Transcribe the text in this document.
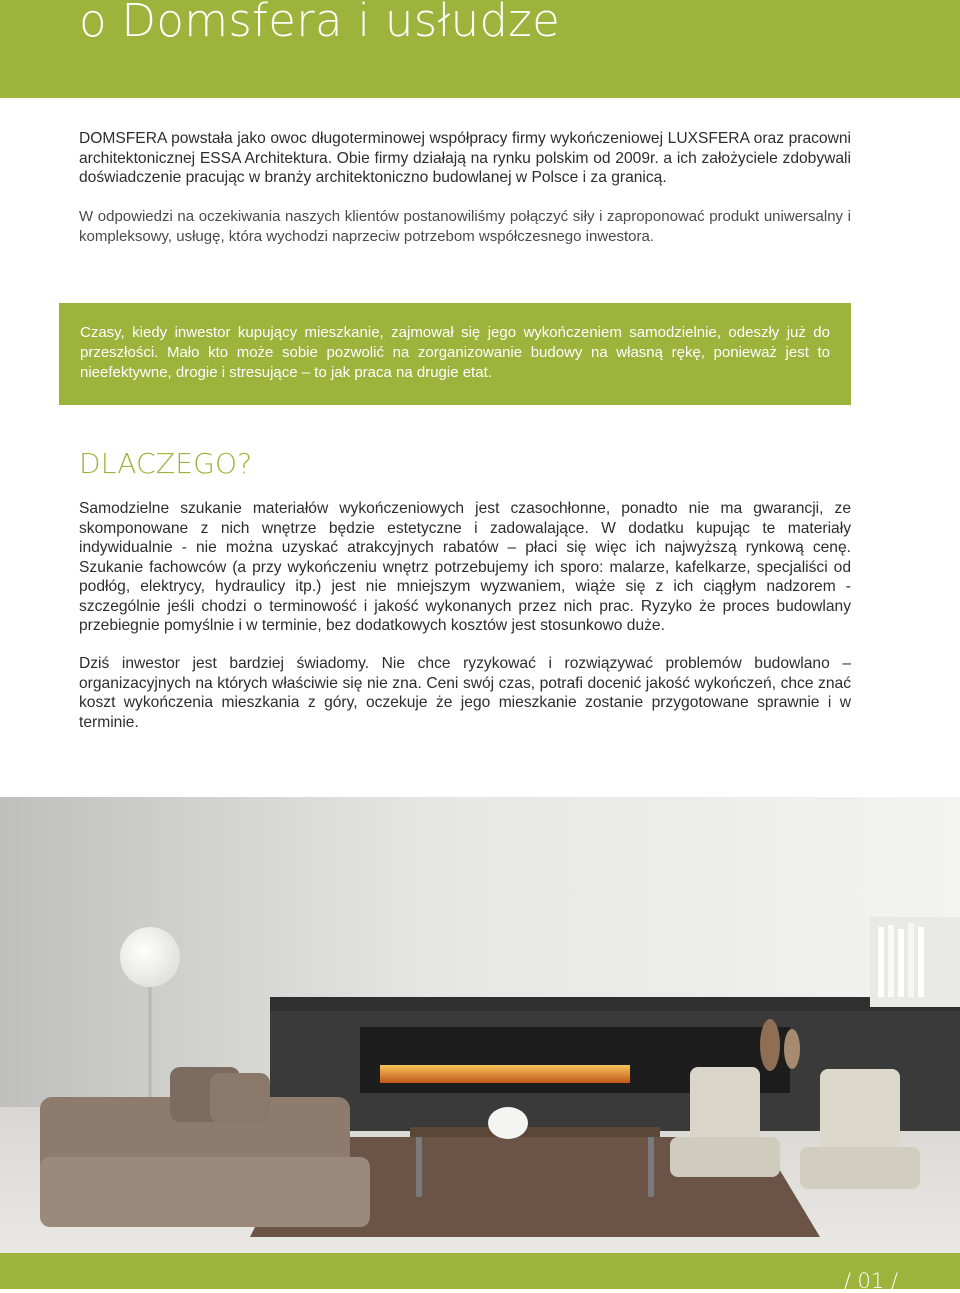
o Domsfera i usłudze

DOMSFERA powstała jako owoc długoterminowej współpracy firmy wykończeniowej LUXSFERA oraz pracowni architektonicznej ESSA Architektura. Obie firmy działają na rynku polskim od 2009r. a ich założyciele zdobywali doświadczenie pracując w branży architektoniczno budowlanej w Polsce i za granicą.

W odpowiedzi na oczekiwania naszych klientów postanowiliśmy połączyć siły i zaproponować produkt uniwersalny i kompleksowy, usługę, która wychodzi naprzeciw potrzebom współczesnego inwestora.

Czasy, kiedy inwestor kupujący mieszkanie, zajmował się jego wykończeniem samodzielnie, odeszły już do przeszłości. Mało kto może sobie pozwolić na zorganizowanie budowy na własną rękę, ponieważ jest to nieefektywne, drogie i stresujące – to jak praca na drugie etat.

DLACZEGO?

Samodzielne szukanie materiałów wykończeniowych jest czasochłonne, ponadto nie ma gwarancji, ze skomponowane z nich wnętrze będzie estetyczne i zadowalające. W dodatku kupując te materiały indywidualnie - nie można uzyskać atrakcyjnych rabatów – płaci się więc ich najwyższą rynkową cenę. Szukanie fachowców (a przy wykończeniu wnętrz potrzebujemy ich sporo: malarze, kafelkarze, specjaliści od podłóg, elektrycy, hydraulicy itp.) jest nie mniejszym wyzwaniem, wiąże się z ich ciągłym nadzorem - szczególnie jeśli chodzi o terminowość i jakość wykonanych przez nich prac. Ryzyko że proces budowlany przebiegnie pomyślnie i w terminie, bez dodatkowych kosztów jest stosunkowo duże.

Dziś inwestor jest bardziej świadomy. Nie chce ryzykować i rozwiązywać problemów budowlano – organizacyjnych na których właściwie się nie zna. Ceni swój czas, potrafi docenić jakość wykończeń, chce znać koszt wykończenia mieszkania z góry, oczekuje że jego mieszkanie zostanie przygotowane sprawnie i w terminie.

/ 01 /
